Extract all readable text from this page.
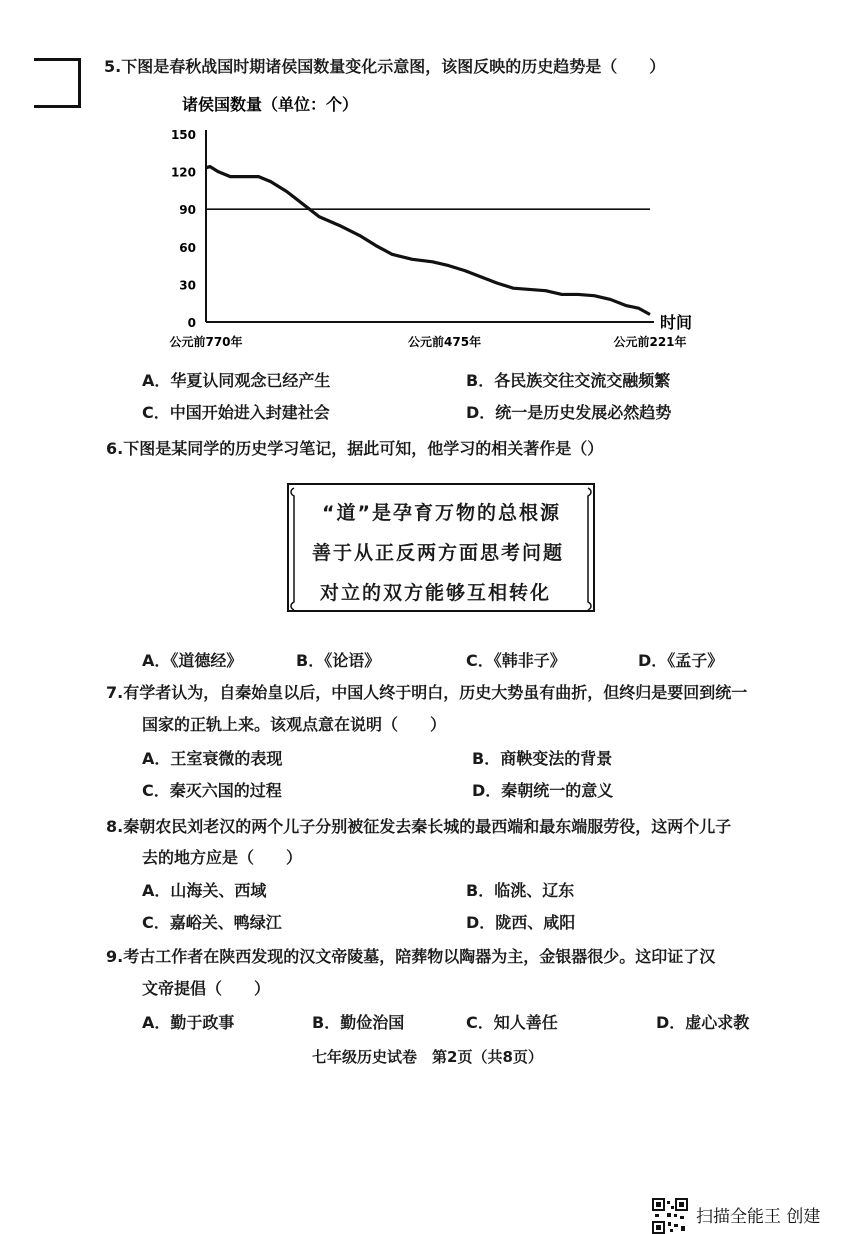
5.下图是春秋战国时期诸侯国数量变化示意图，该图反映的历史趋势是（　　）
诸侯国数量（单位：个）
150
120
90
60
30
0
公元前770年	公元前475年	公元前221年
时间
A．华夏认同观念已经产生	B．各民族交往交流交融频繁
C．中国开始进入封建社会	D．统一是历史发展必然趋势
6.下图是某同学的历史学习笔记，据此可知，他学习的相关著作是（）
“道”是孕育万物的总根源
善于从正反两方面思考问题
对立的双方能够互相转化
A．《道德经》	B．《论语》	C．《韩非子》	D．《孟子》
7.有学者认为，自秦始皇以后，中国人终于明白，历史大势虽有曲折，但终归是要回到统一
国家的正轨上来。该观点意在说明（　　）
A．王室衰微的表现	B．商鞅变法的背景
C．秦灭六国的过程	D．秦朝统一的意义
8.秦朝农民刘老汉的两个儿子分别被征发去秦长城的最西端和最东端服劳役，这两个儿子
去的地方应是（　　）
A．山海关、西域	B．临洮、辽东
C．嘉峪关、鸭绿江	D．陇西、咸阳
9.考古工作者在陕西发现的汉文帝陵墓，陪葬物以陶器为主，金银器很少。这印证了汉
文帝提倡（　　）
A．勤于政事	B．勤俭治国	C．知人善任	D．虚心求教
七年级历史试卷　第2页（共8页）
扫描全能王 创建
